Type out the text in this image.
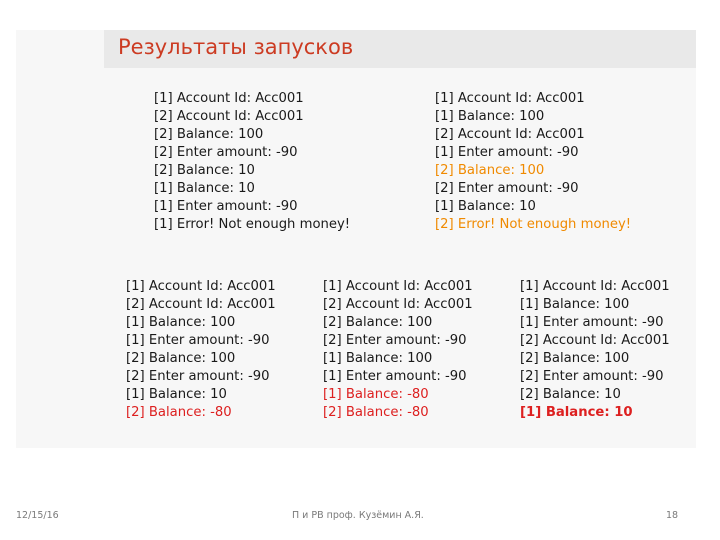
Результаты запусков
[1] Account Id: Acc001
[2] Account Id: Acc001
[2] Balance: 100
[2] Enter amount: -90
[2] Balance: 10
[1] Balance: 10
[1] Enter amount: -90
[1] Error! Not enough money!
[1] Account Id: Acc001
[1] Balance: 100
[2] Account Id: Acc001
[1] Enter amount: -90
[2] Balance: 100
[2] Enter amount: -90
[1] Balance: 10
[2] Error! Not enough money!
[1] Account Id: Acc001
[2] Account Id: Acc001
[1] Balance: 100
[1] Enter amount: -90
[2] Balance: 100
[2] Enter amount: -90
[1] Balance: 10
[2] Balance: -80
[1] Account Id: Acc001
[2] Account Id: Acc001
[2] Balance: 100
[2] Enter amount: -90
[1] Balance: 100
[1] Enter amount: -90
[1] Balance: -80
[2] Balance: -80
[1] Account Id: Acc001
[1] Balance: 100
[1] Enter amount: -90
[2] Account Id: Acc001
[2] Balance: 100
[2] Enter amount: -90
[2] Balance: 10
[1] Balance: 10
12/15/16	П и РВ проф. Кузёмин А.Я.	18
